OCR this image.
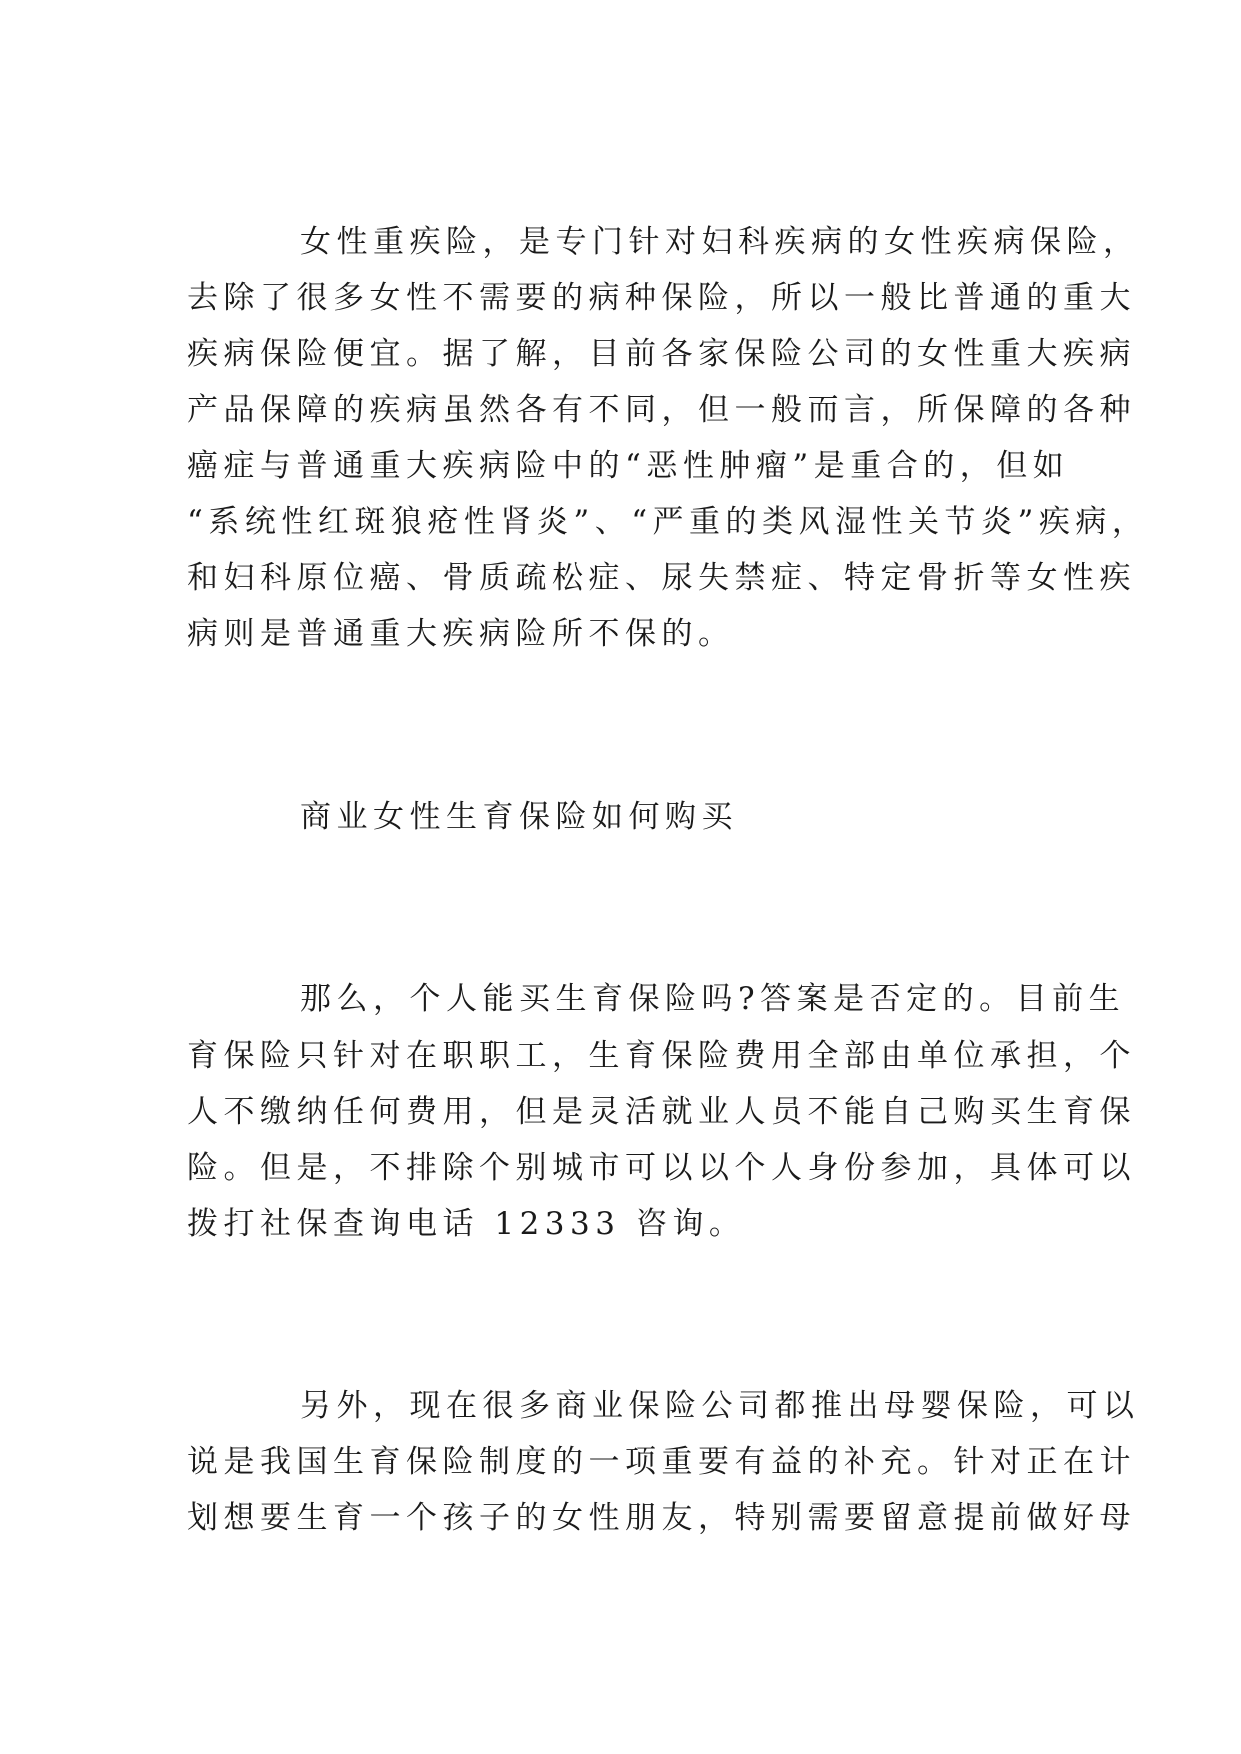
女性重疾险，是专门针对妇科疾病的女性疾病保险，
去除了很多女性不需要的病种保险，所以一般比普通的重大
疾病保险便宜。据了解，目前各家保险公司的女性重大疾病
产品保障的疾病虽然各有不同，但一般而言，所保障的各种
癌症与普通重大疾病险中的“恶性肿瘤”是重合的，但如
“系统性红斑狼疮性肾炎”、“严重的类风湿性关节炎”疾病，
和妇科原位癌、骨质疏松症、尿失禁症、特定骨折等女性疾
病则是普通重大疾病险所不保的。
商业女性生育保险如何购买
那么，个人能买生育保险吗?答案是否定的。目前生
育保险只针对在职职工，生育保险费用全部由单位承担，个
人不缴纳任何费用，但是灵活就业人员不能自己购买生育保
险。但是，不排除个别城市可以以个人身份参加，具体可以
拨打社保查询电话 12333 咨询。
另外，现在很多商业保险公司都推出母婴保险，可以
说是我国生育保险制度的一项重要有益的补充。针对正在计
划想要生育一个孩子的女性朋友，特别需要留意提前做好母
